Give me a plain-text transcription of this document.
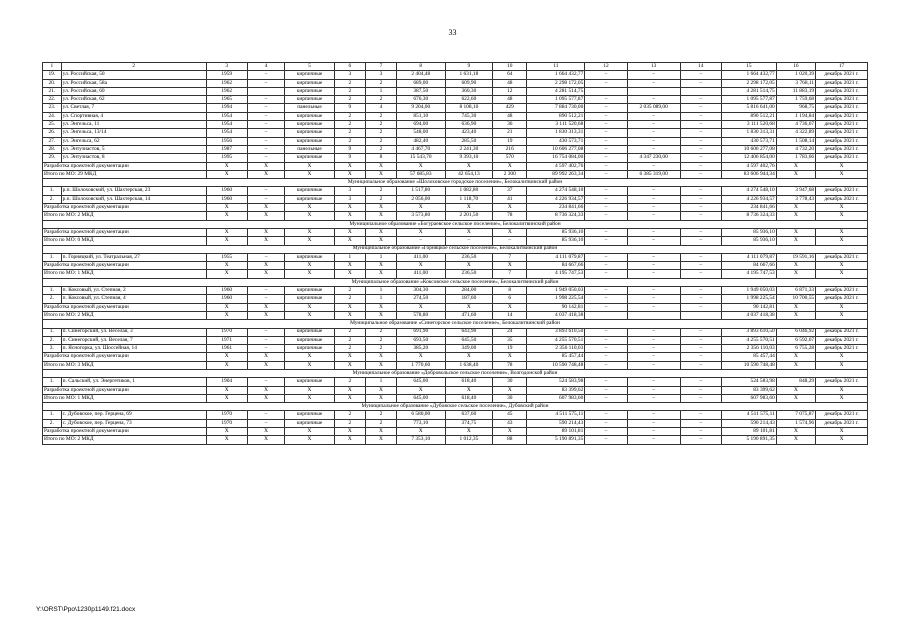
33
1	2	3	4	5	6	7	8	9	10	11	12	13	14	15	16	17
19.	ул. Российская, 50	1959	–	кирпичные	3	3	2 404,48	1 631,18	64	1 664 432,77	–	–	–	1 664 432,77	1 020,39	декабрь 2021 г.
20.	ул. Российская, 58а	1962	–	кирпичные	2	2	689,00	609,90	48	2 298 172,05	–	–	–	2 298 172,05	3 768,11	декабрь 2021 г.
21.	ул. Российская, 60	1962		кирпичные	2	1	387,50	360,30	12	4 281 514,75				4 281 514,75	11 883,19	декабрь 2021 г.
22.	ул. Российская, 62	1965	–	кирпичные	2	2	676,30	622,60	48	1 095 577,87	–	–	–	1 095 577,87	1 759,68	декабрь 2021 г.
23.	ул. Светлая, 7	1994	–	панельные	9	4	9 204,00	8 108,10	429	7 884 730,00	–	2 035 089,00	–	5 816 641,00	968,75	декабрь 2021 г.
24.	ул. Спортивная, 4	1954	–	кирпичные	2	2	851,10	745,30	48	890 512,21	–	–	–	890 512,21	1 194,84	декабрь 2021 г.
25.	ул. Энгельса, 11	1954	–	кирпичные	2	2	694,00	636,90	36	3 111 520,68	–	–	–	3 111 520,68	4 736,67	декабрь 2021 г.
26.	ул. Энгельса, 13/14	1954	–	кирпичные	2	2	548,00	423,40	21	1 830 313,31	–	–	–	1 830 313,31	4 322,89	декабрь 2021 г.
27.	ул. Энгельса, 62	1956	–	кирпичные	2	2	482,40	285,50	19	430 573,71	–	–	–	430 573,71	1 508,14	декабрь 2021 г.
28.	ул. Энтузиастов, 5	1987	–	панельные	9	2	4 467,70	2 241,30	216	10 606 277,08	–	–	–	10 606 277,08	4 732,20	декабрь 2021 г.
29.	ул. Энтузиастов, 8	1995	–	кирпичные	9	8	15 543,70	9 393,10	570	16 754 084,00	–	4 347 230,00	–	12 406 854,00	1 783,66	декабрь 2021 г.
Разработка проектной документации		Х	Х	Х	Х	Х	Х	Х	Х	4 597 402,76	–	–	–	4 597 402,76	Х	Х
Итого по МО: 29 МКД		Х	Х	Х	Х	Х	57 685,83	42 654,13	2 300	89 992 263,34	–	6 385 319,00	–	83 606 944,34	Х	Х
Муниципальное образование «Шолоховское городское поселение», Белокалитвинский район																
1.	р.п. Шолоховский, ул. Шахтерская, 23	1960	–	кирпичные	3	2	1 517,80	1 082,80	37	4 274 548,10	–	–	–	4 274 548,10	3 947,68	декабрь 2021 г.
2.	р.п. Шолоховский, ул. Шахтерская, 14	1960	–	кирпичные	3	2	2 056,00	1 118,70	41	4 226 934,57	–	–	–	4 226 934,57	3 778,43	декабрь 2021 г.
Разработка проектной документации		Х	Х	Х	Х	Х	Х	Х	Х	234 841,66	–	–	–	234 841,66	Х	Х
Итого по МО: 2 МКД		Х	Х	Х	Х	Х	3 573,80	2 201,50	78	8 736 324,33	–	–	–	8 736 324,33	Х	Х
Муниципальное образование «Богураевское сельское поселение», Белокалитвинский район																
Разработка проектной документации		Х	Х	Х	Х	Х	Х	Х	Х	85 936,10	–	–	–	85 936,10	Х	Х
Итого по МО: 0 МКД		Х	Х	Х	Х	Х	–	–	–	85 936,10	–	–	–	85 936,10	Х	Х
Муниципальное образование «Горняцкое сельское поселение», Белокалитвинский район																
1.	п. Горняцкий, ул. Театральная, 27	1955	–	кирпичные	1	1	411,00	236,50	7	4 111 079,87	–	–	–	4 111 079,87	19 591,16	декабрь 2021 г.
Разработка проектной документации		Х	Х	Х	Х	Х	Х	Х	Х	84 667,66	–	–	–	84 667,66	Х	Х
Итого по МО: 1 МКД		Х	Х	Х	Х	Х	411,00	236,50	7	4 195 747,53	–	–	–	4 195 747,53	Х	Х
Муниципальное образование «Коксовское сельское поселение», Белокалитвинский район																
1.	п. Коксовый, ул. Степная, 2	1960	–	кирпичные	2	1	304,30	284,00	8	1 949 050,03	–	–	–	1 949 050,03	6 871,33	декабрь 2021 г.
2.	п. Коксовый, ул. Степная, 4	1960	–	кирпичные	2	1	274,50	187,60	6	1 998 225,54	–	–	–	1 998 225,54	10 700,55	декабрь 2021 г.
Разработка проектной документации		Х	Х	Х	Х	Х	Х	Х	Х	90 142,81	–	–	–	90 142,81	Х	Х
Итого по МО: 2 МКД		Х	Х	Х	Х	Х	578,80	471,60	14	4 037 418,38				4 037 418,38	Х	Х
Муниципальное образование «Синегорское сельское поселение», Белокалитвинский район																
1.	п. Синегорский, ул. Веселая, 3	1970	–	кирпичные	2	2	691,90	643,90	24	3 893 610,50	–	–	–	3 893 610,50	6 046,92	декабрь 2021 г.
2.	п. Синегорский, ул. Веселая, 7	1971	–	кирпичные	2	2	693,50	645,50	35	4 255 570,51	–	–	–	4 255 570,51	6 592,67	декабрь 2021 г.
3.	п. Ясногорка, ул. Шоссейная, 14	1961	–	кирпичные	2	2	385,20	349,00	19	2 356 110,03	–	–	–	2 356 110,03	6 755,28	декабрь 2021 г.
Разработка проектной документации		Х	Х	Х	Х	Х	Х	Х	Х	85 457,44	–	–	–	85 457,44	Х	Х
Итого по МО: 3 МКД		Х	Х	Х	Х	Х	1 770,60	1 638,40	78	10 590 748,48	–	–	–	10 590 748,48	Х	Х
Муниципальное образование «Добровольское сельское поселение», Волгодонской район																
1.	п. Сальский, ул. Энергетиков, 1	1904	–	кирпичные	2	1	645,00	618,40	30	524 583,98	–	–	–	524 583,98	848,29	декабрь 2021 г.
Разработка проектной документации		Х	Х	Х	Х	Х	Х	Х	Х	83 399,62	–	–	–	83 399,62	Х	Х
Итого по МО: 1 МКД		Х	Х	Х	Х	Х	645,00	618,40	30	607 983,60	–	–	–	607 983,60	Х	Х
Муниципальное образование «Дубовское сельское поселение», Дубовский район																
1.	с. Дубовское, пер. Герцена, 69	1970	–	кирпичные	2	2	6 580,00	637,60	45	4 511 575,11	–	–	–	4 511 575,11	7 075,87	декабрь 2021 г.
2.	с. Дубовское, пер. Герцена, 73	1970	–	кирпичные	2	2	773,10	374,75	43	590 214,43	–	–	–	590 214,43	1 574,96	декабрь 2021 г.
Разработка проектной документации		Х	Х	Х	Х	Х	Х	Х	Х	89 101,81	–	–	–	89 101,81	Х	Х
Итого по МО: 2 МКД		Х	Х	Х	Х	Х	7 353,10	1 012,35	88	5 190 891,35	–	–	–	5 190 891,35	Х	Х
Y:\ORST\Ppo\1230p1149.f21.docx
